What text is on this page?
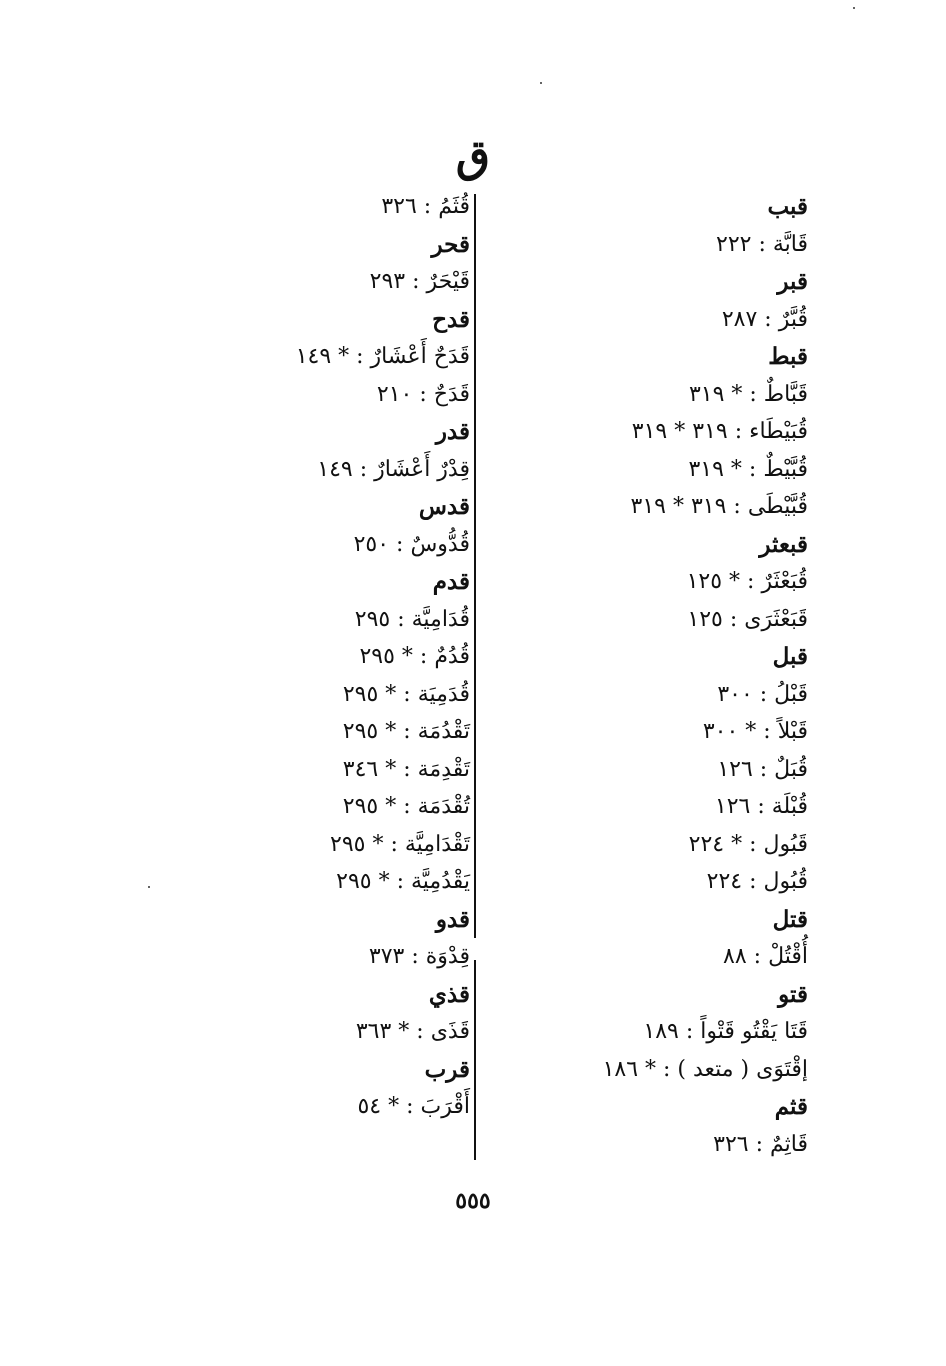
ق
قبب
قَابَّة : ٢٢٢
قبر
قُبَّرٌ : ٢٨٧
قبط
قَبَّاطٌ : * ٣١٩
قُبَيْطَاء : ٣١٩ * ٣١٩
قُبَّيْطٌ : * ٣١٩
قُبَّيْطَى : ٣١٩ * ٣١٩
قبعثر
قُبَعْثَرٌ : * ١٢٥
قَبَعْثَرَى : ١٢٥
قبل
قَبْلُ : ٣٠٠
قَبْلاً : * ٣٠٠
قُبَلٌ : ١٢٦
قُبْلَة : ١٢٦
قَبُول : * ٢٢٤
قُبُول : ٢٢٤
قتل
أُقْتُلْ : ٨٨
قتو
قَتَا يَقْتُو قَتْواً : ١٨٩
إقْتَوَى ( متعد ) : * ١٨٦
قثم
قَاثِمٌ : ٣٢٦
قُثَمُ : ٣٢٦
قحر
قَيْحَرٌ : ٢٩٣
قدح
قَدَحٌ أَعْشَارٌ : * ١٤٩
قَدَحٌ : ٢١٠
قدر
قِدْرٌ أَعْشَارٌ : ١٤٩
قدس
قُدُّوسٌ : ٢٥٠
قدم
قُدَامِيَّة : ٢٩٥
قُدُمٌ : * ٢٩٥
قُدَمِيَة : * ٢٩٥
تَقْدُمَة : * ٢٩٥
تَقْدِمَة : * ٣٤٦
تُقْدَمَة : * ٢٩٥
تَقْدَامِيَّة : * ٢٩٥
يَقْدُمِيَّة : * ٢٩٥
قدو
قِدْوَة : ٣٧٣
قذي
قَذَى : * ٣٦٣
قرب
أَقْرَبَ : * ٥٤
٥٥٥
